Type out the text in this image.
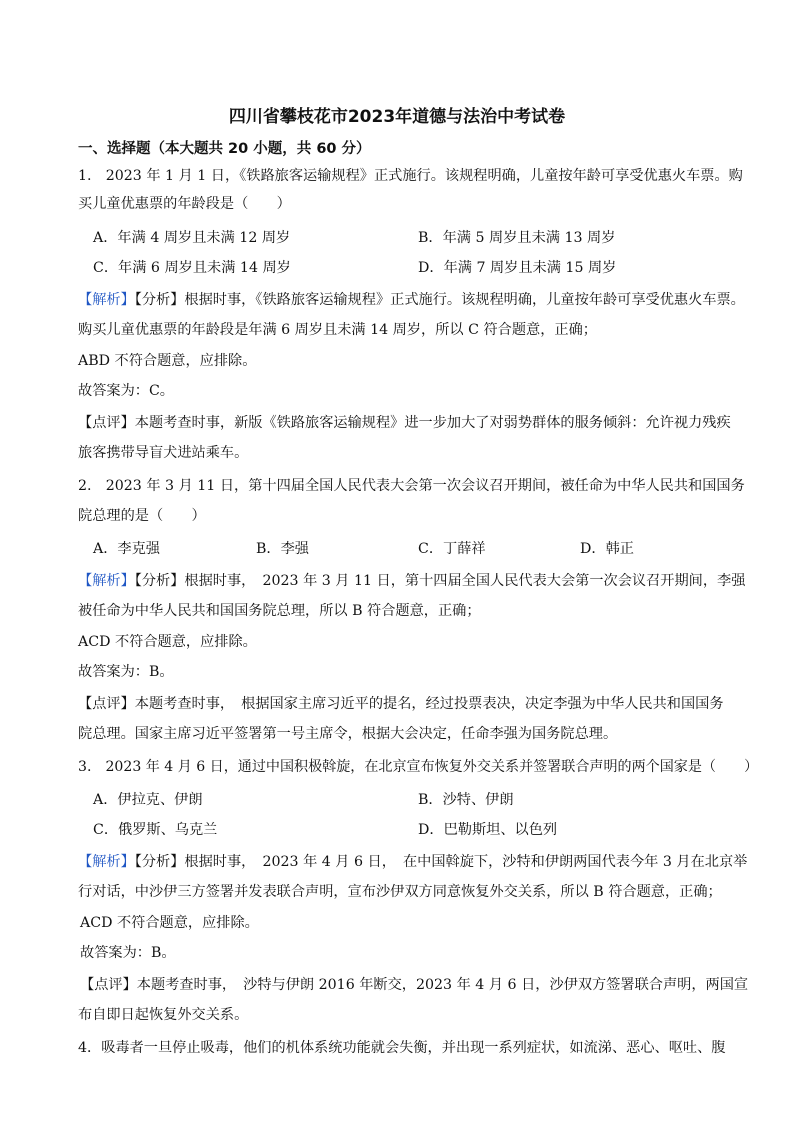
四川省攀枝花市2023年道德与法治中考试卷
一、选择题（本大题共 20 小题，共 60 分）
1.　2023 年 1 月 1 日，《铁路旅客运输规程》正式施行。该规程明确，儿童按年龄可享受优惠火车票。购
买儿童优惠票的年龄段是（　　）
A．年满 4 周岁且未满 12 周岁	B．年满 5 周岁且未满 13 周岁
C．年满 6 周岁且未满 14 周岁	D．年满 7 周岁且未满 15 周岁
【解析】【分析】根据时事，《铁路旅客运输规程》正式施行。该规程明确，儿童按年龄可享受优惠火车票。
购买儿童优惠票的年龄段是年满 6 周岁且未满 14 周岁，所以 C 符合题意，正确；
ABD 不符合题意，应排除。
故答案为：C。
【点评】本题考查时事，新版《铁路旅客运输规程》进一步加大了对弱势群体的服务倾斜：允许视力残疾
旅客携带导盲犬进站乘车。
2.　2023 年 3 月 11 日，第十四届全国人民代表大会第一次会议召开期间，被任命为中华人民共和国国务
院总理的是（　　）
A．李克强	B．李强	C．丁薛祥	D．韩正
【解析】【分析】根据时事，　2023 年 3 月 11 日，第十四届全国人民代表大会第一次会议召开期间，李强
被任命为中华人民共和国国务院总理，所以 B 符合题意，正确；
ACD 不符合题意，应排除。
故答案为：B。
【点评】本题考查时事，　根据国家主席习近平的提名，经过投票表决，决定李强为中华人民共和国国务
院总理。国家主席习近平签署第一号主席令，根据大会决定，任命李强为国务院总理。
3.　2023 年 4 月 6 日，通过中国积极斡旋，在北京宣布恢复外交关系并签署联合声明的两个国家是（　　）
A．伊拉克、伊朗	B．沙特、伊朗
C．俄罗斯、乌克兰	D．巴勒斯坦、以色列
【解析】【分析】根据时事，　2023 年 4 月 6 日，　在中国斡旋下，沙特和伊朗两国代表今年 3 月在北京举
行对话，中沙伊三方签署并发表联合声明，宣布沙伊双方同意恢复外交关系，所以 B 符合题意，正确；
ACD 不符合题意，应排除。
故答案为：B。
【点评】本题考查时事，　沙特与伊朗 2016 年断交，2023 年 4 月 6 日，沙伊双方签署联合声明，两国宣
布自即日起恢复外交关系。
4．吸毒者一旦停止吸毒，他们的机体系统功能就会失衡，并出现一系列症状，如流涕、恶心、呕吐、腹
